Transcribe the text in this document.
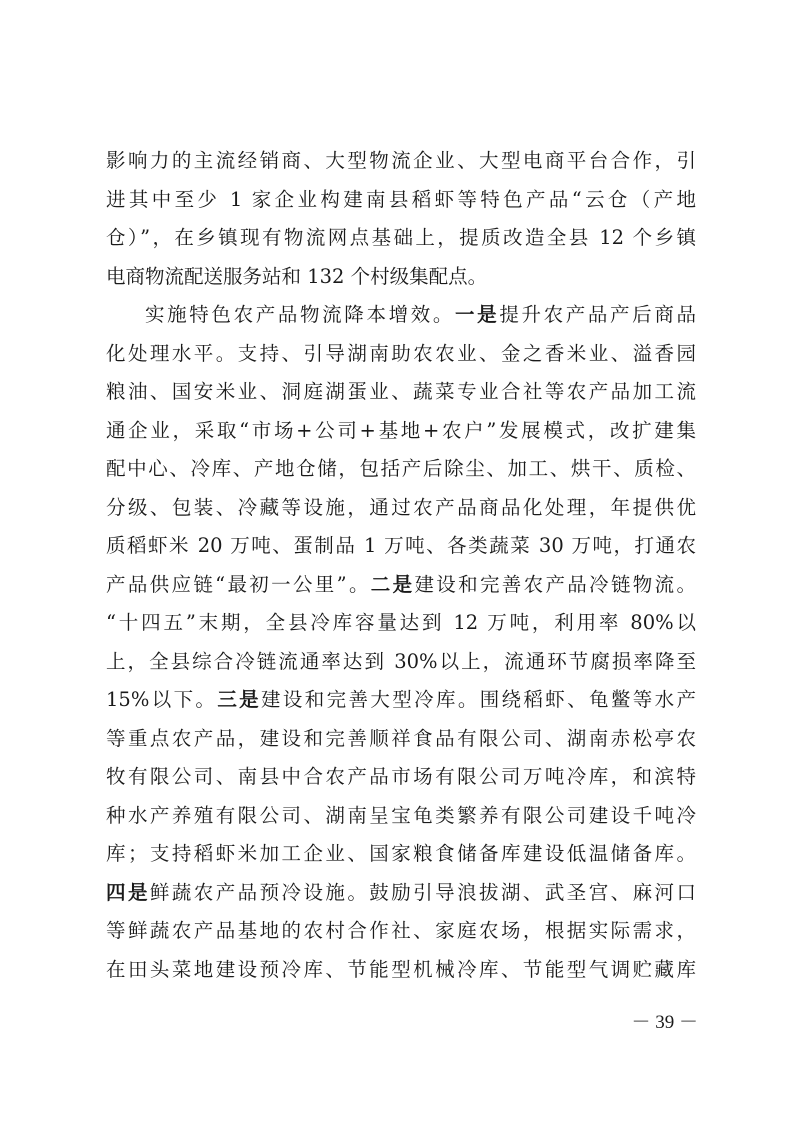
影响力的主流经销商、大型物流企业、大型电商平台合作，引
进其中至少 1 家企业构建南县稻虾等特色产品“云仓（产地
仓）”，在乡镇现有物流网点基础上，提质改造全县 12 个乡镇
电商物流配送服务站和 132 个村级集配点。
实施特色农产品物流降本增效。一是提升农产品产后商品
化处理水平。支持、引导湖南助农农业、金之香米业、溢香园
粮油、国安米业、洞庭湖蛋业、蔬菜专业合社等农产品加工流
通企业，采取“市场+公司+基地+农户”发展模式，改扩建集
配中心、冷库、产地仓储，包括产后除尘、加工、烘干、质检、
分级、包装、冷藏等设施，通过农产品商品化处理，年提供优
质稻虾米 20 万吨、蛋制品 1 万吨、各类蔬菜 30 万吨，打通农
产品供应链“最初一公里”。二是建设和完善农产品冷链物流。
“十四五”末期，全县冷库容量达到 12 万吨，利用率 80%以
上，全县综合冷链流通率达到 30%以上，流通环节腐损率降至
15%以下。三是建设和完善大型冷库。围绕稻虾、龟鳖等水产
等重点农产品，建设和完善顺祥食品有限公司、湖南赤松亭农
牧有限公司、南县中合农产品市场有限公司万吨冷库，和滨特
种水产养殖有限公司、湖南呈宝龟类繁养有限公司建设千吨冷
库；支持稻虾米加工企业、国家粮食储备库建设低温储备库。
四是鲜蔬农产品预冷设施。鼓励引导浪拔湖、武圣宫、麻河口
等鲜蔬农产品基地的农村合作社、家庭农场，根据实际需求，
在田头菜地建设预冷库、节能型机械冷库、节能型气调贮藏库
－ 39 －
